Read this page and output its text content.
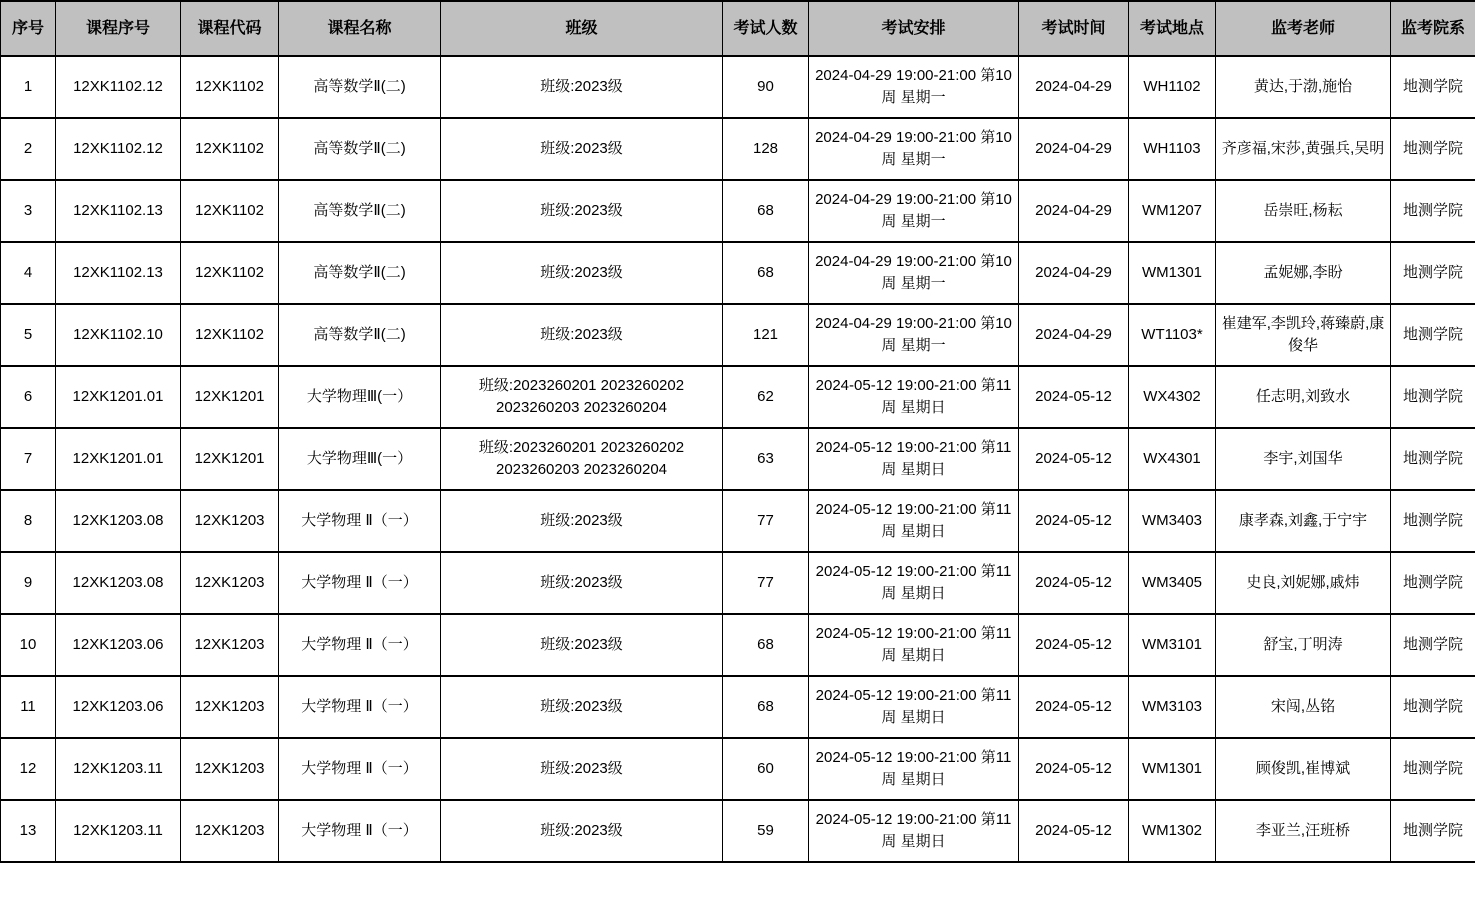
序号	课程序号	课程代码	课程名称	班级	考试人数	考试安排	考试时间	考试地点	监考老师	监考院系
1	12XK1102.12	12XK1102	高等数学Ⅱ(二)	班级:2023级	90	2024-04-29 19:00-21:00 第10周 星期一	2024-04-29	WH1102	黄达,于渤,施怡	地测学院
2	12XK1102.12	12XK1102	高等数学Ⅱ(二)	班级:2023级	128	2024-04-29 19:00-21:00 第10周 星期一	2024-04-29	WH1103	齐彦福,宋莎,黄强兵,吴明	地测学院
3	12XK1102.13	12XK1102	高等数学Ⅱ(二)	班级:2023级	68	2024-04-29 19:00-21:00 第10周 星期一	2024-04-29	WM1207	岳崇旺,杨耘	地测学院
4	12XK1102.13	12XK1102	高等数学Ⅱ(二)	班级:2023级	68	2024-04-29 19:00-21:00 第10周 星期一	2024-04-29	WM1301	孟妮娜,李盼	地测学院
5	12XK1102.10	12XK1102	高等数学Ⅱ(二)	班级:2023级	121	2024-04-29 19:00-21:00 第10周 星期一	2024-04-29	WT1103*	崔建军,李凯玲,蒋臻蔚,康俊华	地测学院
6	12XK1201.01	12XK1201	大学物理Ⅲ(一）	班级:2023260201 2023260202 2023260203 2023260204	62	2024-05-12 19:00-21:00 第11周 星期日	2024-05-12	WX4302	任志明,刘致水	地测学院
7	12XK1201.01	12XK1201	大学物理Ⅲ(一）	班级:2023260201 2023260202 2023260203 2023260204	63	2024-05-12 19:00-21:00 第11周 星期日	2024-05-12	WX4301	李宇,刘国华	地测学院
8	12XK1203.08	12XK1203	大学物理 Ⅱ（一）	班级:2023级	77	2024-05-12 19:00-21:00 第11周 星期日	2024-05-12	WM3403	康孝森,刘鑫,于宁宇	地测学院
9	12XK1203.08	12XK1203	大学物理 Ⅱ（一）	班级:2023级	77	2024-05-12 19:00-21:00 第11周 星期日	2024-05-12	WM3405	史良,刘妮娜,戚炜	地测学院
10	12XK1203.06	12XK1203	大学物理 Ⅱ（一）	班级:2023级	68	2024-05-12 19:00-21:00 第11周 星期日	2024-05-12	WM3101	舒宝,丁明涛	地测学院
11	12XK1203.06	12XK1203	大学物理 Ⅱ（一）	班级:2023级	68	2024-05-12 19:00-21:00 第11周 星期日	2024-05-12	WM3103	宋闯,丛铭	地测学院
12	12XK1203.11	12XK1203	大学物理 Ⅱ（一）	班级:2023级	60	2024-05-12 19:00-21:00 第11周 星期日	2024-05-12	WM1301	顾俊凯,崔博斌	地测学院
13	12XK1203.11	12XK1203	大学物理 Ⅱ（一）	班级:2023级	59	2024-05-12 19:00-21:00 第11周 星期日	2024-05-12	WM1302	李亚兰,汪班桥	地测学院
